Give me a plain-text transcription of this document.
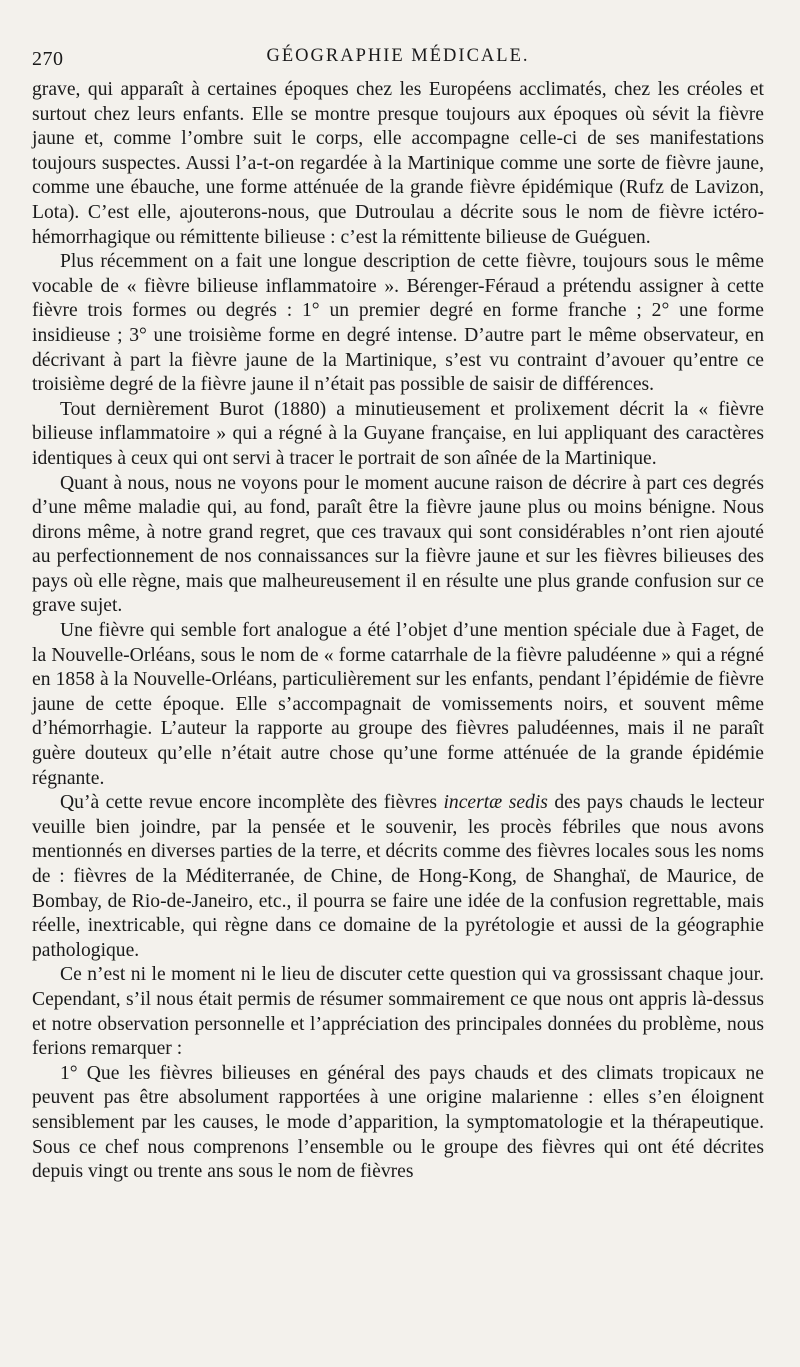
270	GÉOGRAPHIE MÉDICALE.

grave, qui apparaît à certaines époques chez les Européens acclimatés, chez les créoles et surtout chez leurs enfants. Elle se montre presque toujours aux époques où sévit la fièvre jaune et, comme l’ombre suit le corps, elle accompagne celle-ci de ses manifestations toujours suspectes. Aussi l’a-t-on regardée à la Martinique comme une sorte de fièvre jaune, comme une ébauche, une forme atténuée de la grande fièvre épidémique (Rufz de Lavizon, Lota). C’est elle, ajouterons-nous, que Dutroulau a décrite sous le nom de fièvre ictéro-hémorrhagique ou rémittente bilieuse : c’est la rémittente bilieuse de Guéguen.

Plus récemment on a fait une longue description de cette fièvre, toujours sous le même vocable de « fièvre bilieuse inflammatoire ». Bérenger-Féraud a prétendu assigner à cette fièvre trois formes ou degrés : 1° un premier degré en forme franche ; 2° une forme insidieuse ; 3° une troisième forme en degré intense. D’autre part le même observateur, en décrivant à part la fièvre jaune de la Martinique, s’est vu contraint d’avouer qu’entre ce troisième degré de la fièvre jaune il n’était pas possible de saisir de différences.

Tout dernièrement Burot (1880) a minutieusement et prolixement décrit la « fièvre bilieuse inflammatoire » qui a régné à la Guyane française, en lui appliquant des caractères identiques à ceux qui ont servi à tracer le portrait de son aînée de la Martinique.

Quant à nous, nous ne voyons pour le moment aucune raison de décrire à part ces degrés d’une même maladie qui, au fond, paraît être la fièvre jaune plus ou moins bénigne. Nous dirons même, à notre grand regret, que ces travaux qui sont considérables n’ont rien ajouté au perfectionnement de nos connaissances sur la fièvre jaune et sur les fièvres bilieuses des pays où elle règne, mais que malheureusement il en résulte une plus grande confusion sur ce grave sujet.

Une fièvre qui semble fort analogue a été l’objet d’une mention spéciale due à Faget, de la Nouvelle-Orléans, sous le nom de « forme catarrhale de la fièvre paludéenne » qui a régné en 1858 à la Nouvelle-Orléans, particulièrement sur les enfants, pendant l’épidémie de fièvre jaune de cette époque. Elle s’accompagnait de vomissements noirs, et souvent même d’hémorrhagie. L’auteur la rapporte au groupe des fièvres paludéennes, mais il ne paraît guère douteux qu’elle n’était autre chose qu’une forme atténuée de la grande épidémie régnante.

Qu’à cette revue encore incomplète des fièvres incertæ sedis des pays chauds le lecteur veuille bien joindre, par la pensée et le souvenir, les procès fébriles que nous avons mentionnés en diverses parties de la terre, et décrits comme des fièvres locales sous les noms de : fièvres de la Méditerranée, de Chine, de Hong-Kong, de Shanghaï, de Maurice, de Bombay, de Rio-de-Janeiro, etc., il pourra se faire une idée de la confusion regrettable, mais réelle, inextricable, qui règne dans ce domaine de la pyrétologie et aussi de la géographie pathologique.

Ce n’est ni le moment ni le lieu de discuter cette question qui va grossissant chaque jour. Cependant, s’il nous était permis de résumer sommairement ce que nous ont appris là-dessus et notre observation personnelle et l’appréciation des principales données du problème, nous ferions remarquer :

1° Que les fièvres bilieuses en général des pays chauds et des climats tropicaux ne peuvent pas être absolument rapportées à une origine malarienne : elles s’en éloignent sensiblement par les causes, le mode d’apparition, la symptomatologie et la thérapeutique. Sous ce chef nous comprenons l’ensemble ou le groupe des fièvres qui ont été décrites depuis vingt ou trente ans sous le nom de fièvres
